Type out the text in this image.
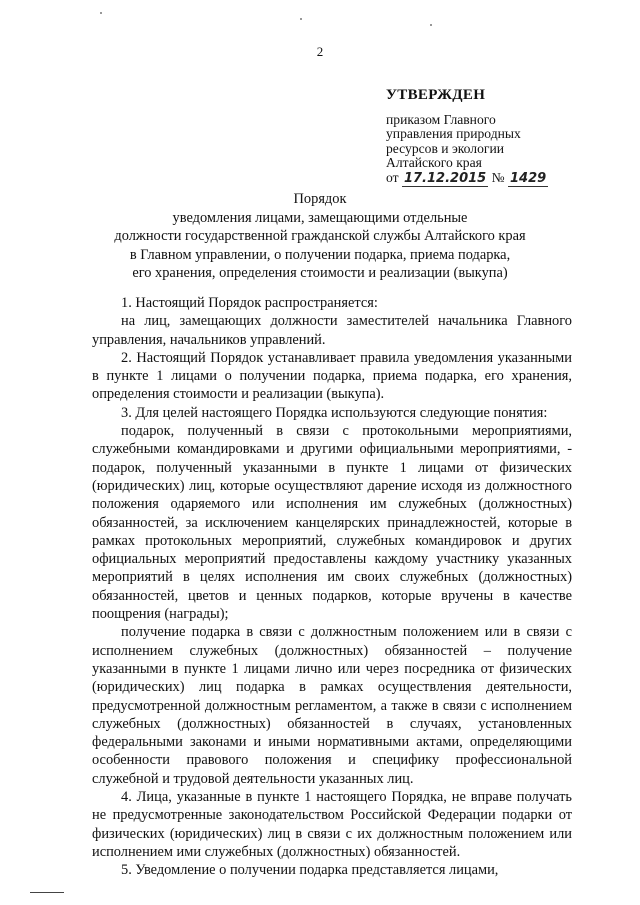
2
УТВЕРЖДЕН
приказом Главного
управления природных
ресурсов и экологии
Алтайского края
от 17.12.2015 № 1429
Порядок
уведомления лицами, замещающими отдельные
должности государственной гражданской службы Алтайского края
в Главном управлении, о получении подарка, приема подарка,
его хранения, определения стоимости и реализации (выкупа)

1. Настоящий Порядок распространяется:

на лиц, замещающих должности заместителей начальника Главного управления, начальников управлений.

2. Настоящий Порядок устанавливает правила уведомления указанными в пункте 1 лицами о получении подарка, приема подарка, его хранения, определения стоимости и реализации (выкупа).

3. Для целей настоящего Порядка используются следующие понятия:

подарок, полученный в связи с протокольными мероприятиями, служебными командировками и другими официальными мероприятиями, - подарок, полученный указанными в пункте 1 лицами от физических (юридических) лиц, которые осуществляют дарение исходя из должностного положения одаряемого или исполнения им служебных (должностных) обязанностей, за исключением канцелярских принадлежностей, которые в рамках протокольных мероприятий, служебных командировок и других официальных мероприятий предоставлены каждому участнику указанных мероприятий в целях исполнения им своих служебных (должностных) обязанностей, цветов и ценных подарков, которые вручены в качестве поощрения (награды);

получение подарка в связи с должностным положением или в связи с исполнением служебных (должностных) обязанностей – получение указанными в пункте 1 лицами лично или через посредника от физических (юридических) лиц подарка в рамках осуществления деятельности, предусмотренной должностным регламентом, а также в связи с исполнением служебных (должностных) обязанностей в случаях, установленных федеральными законами и иными нормативными актами, определяющими особенности правового положения и специфику профессиональной служебной и трудовой деятельности указанных лиц.

4. Лица, указанные в пункте 1 настоящего Порядка, не вправе получать не предусмотренные законодательством Российской Федерации подарки от физических (юридических) лиц в связи с их должностным положением или исполнением ими служебных (должностных) обязанностей.

5. Уведомление о получении подарка представляется лицами,
